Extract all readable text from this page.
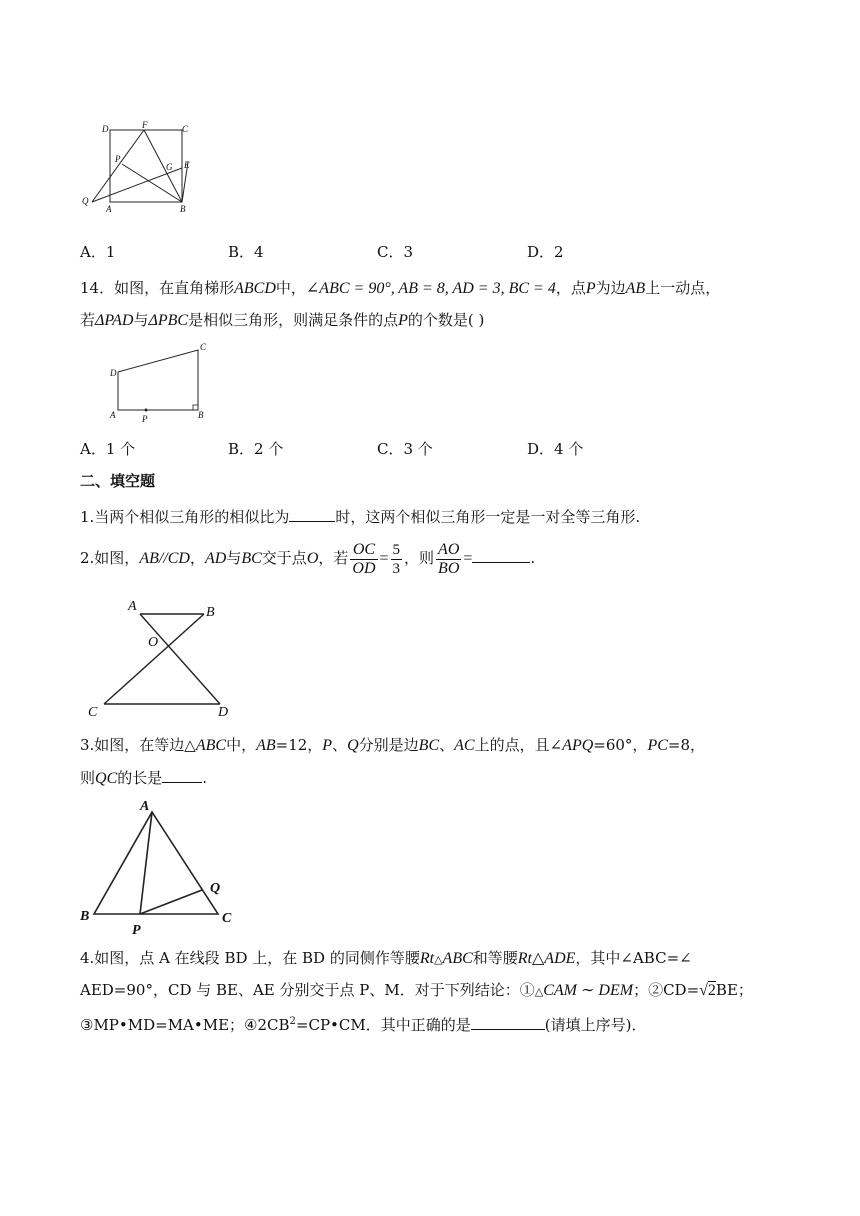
D	F	C
P
G E
Q
A	B
A．1	B．4	C．3	D．2
14．如图，在直角梯形ABCD中，∠ABC = 90°, AB = 8, AD = 3, BC = 4，点P为边AB上一动点，
若ΔPAD与ΔPBC是相似三角形，则满足条件的点P的个数是( )
C
D
A	P	B
A．1 个	B．2 个	C．3 个	D．4 个
二、填空题
1.当两个相似三角形的相似比为	时，这两个相似三角形一定是一对全等三角形.
2.如图，AB//CD，AD与BC交于点O，若 $\frac{OC}{OD} = \frac{5}{3}$ ，则 $\frac{AO}{BO}$ =	.
A	B
O
C	D
3.如图，在等边△ABC中，AB=12，P、Q分别是边BC、AC上的点，且∠APQ=60°，PC=8，
则QC的长是	.
A
Q
B
P
C
4.如图，点 A 在线段 BD 上，在 BD 的同侧作等腰Rt△ABC和等腰Rt△ADE，其中∠ABC=∠
AED=90°，CD 与 BE、AE 分别交于点 P、M．对于下列结论：①△CAM ∼ DEM；②CD=√2BE；
③MP•MD=MA•ME；$④2CB^2=CP•CM$．其中正确的是	(请填上序号)．
